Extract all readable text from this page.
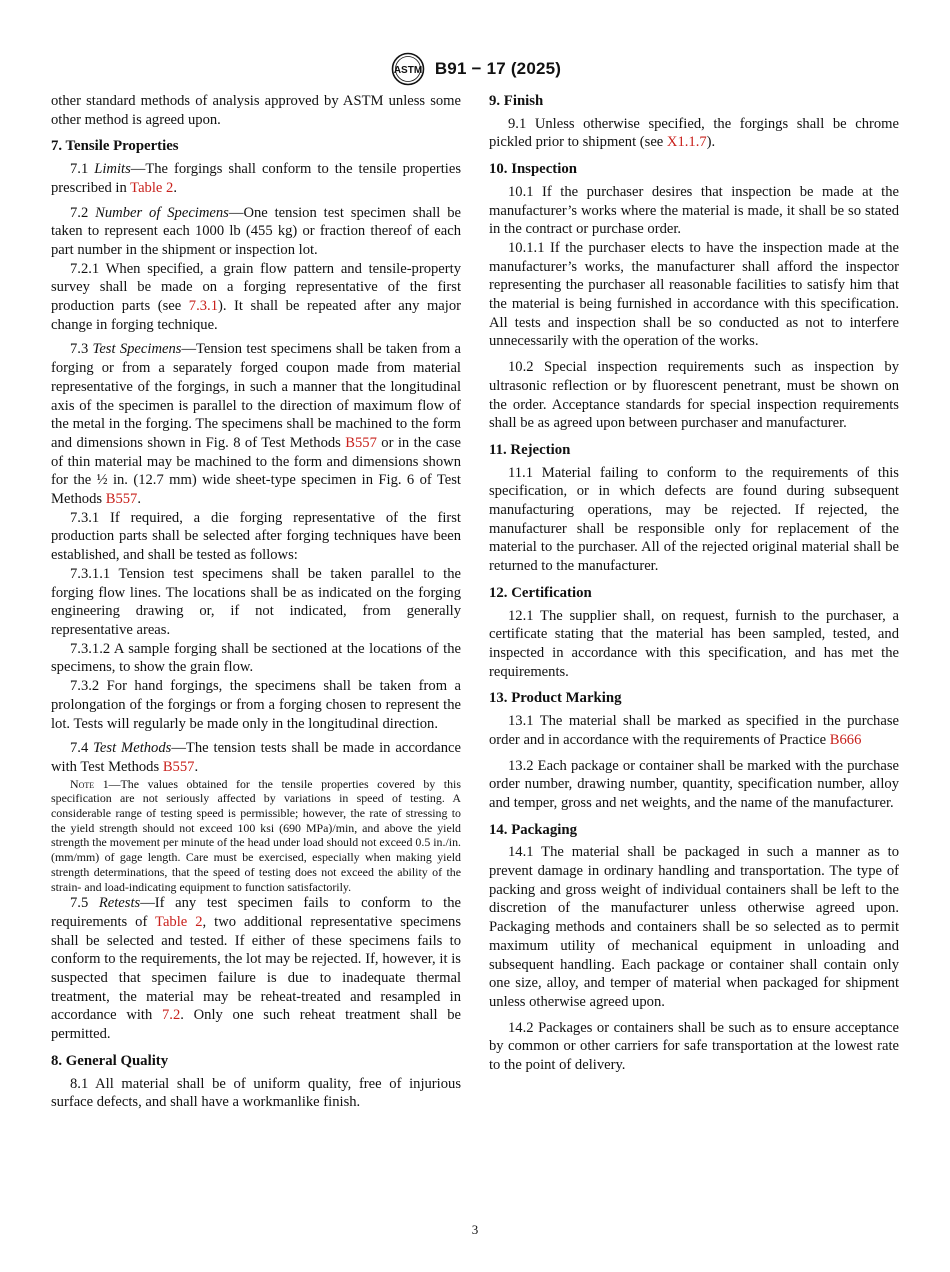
ASTM B91 − 17 (2025)

other standard methods of analysis approved by ASTM unless some other method is agreed upon.

7. Tensile Properties

7.1 Limits—The forgings shall conform to the tensile properties prescribed in Table 2.

7.2 Number of Specimens—One tension test specimen shall be taken to represent each 1000 lb (455 kg) or fraction thereof of each part number in the shipment or inspection lot.

7.2.1 When specified, a grain flow pattern and tensile-property survey shall be made on a forging representative of the first production parts (see 7.3.1). It shall be repeated after any major change in forging technique.

7.3 Test Specimens—Tension test specimens shall be taken from a forging or from a separately forged coupon made from material representative of the forgings, in such a manner that the longitudinal axis of the specimen is parallel to the direction of maximum flow of the metal in the forging. The specimens shall be machined to the form and dimensions shown in Fig. 8 of Test Methods B557 or in the case of thin material may be machined to the form and dimensions shown for the ½ in. (12.7 mm) wide sheet-type specimen in Fig. 6 of Test Methods B557.

7.3.1 If required, a die forging representative of the first production parts shall be selected after forging techniques have been established, and shall be tested as follows:

7.3.1.1 Tension test specimens shall be taken parallel to the forging flow lines. The locations shall be as indicated on the forging engineering drawing or, if not indicated, from generally representative areas.

7.3.1.2 A sample forging shall be sectioned at the locations of the specimens, to show the grain flow.

7.3.2 For hand forgings, the specimens shall be taken from a prolongation of the forgings or from a forging chosen to represent the lot. Tests will regularly be made only in the longitudinal direction.

7.4 Test Methods—The tension tests shall be made in accordance with Test Methods B557.

Note 1—The values obtained for the tensile properties covered by this specification are not seriously affected by variations in speed of testing. A considerable range of testing speed is permissible; however, the rate of stressing to the yield strength should not exceed 100 ksi (690 MPa)/min, and above the yield strength the movement per minute of the head under load should not exceed 0.5 in./in. (mm/mm) of gage length. Care must be exercised, especially when making yield strength determinations, that the speed of testing does not exceed the ability of the strain- and load-indicating equipment to function satisfactorily.

7.5 Retests—If any test specimen fails to conform to the requirements of Table 2, two additional representative specimens shall be selected and tested. If either of these specimens fails to conform to the requirements, the lot may be rejected. If, however, it is suspected that specimen failure is due to inadequate thermal treatment, the material may be reheat-treated and resampled in accordance with 7.2. Only one such reheat treatment shall be permitted.

8. General Quality

8.1 All material shall be of uniform quality, free of injurious surface defects, and shall have a workmanlike finish.

9. Finish

9.1 Unless otherwise specified, the forgings shall be chrome pickled prior to shipment (see X1.1.7).

10. Inspection

10.1 If the purchaser desires that inspection be made at the manufacturer’s works where the material is made, it shall be so stated in the contract or purchase order.

10.1.1 If the purchaser elects to have the inspection made at the manufacturer’s works, the manufacturer shall afford the inspector representing the purchaser all reasonable facilities to satisfy him that the material is being furnished in accordance with this specification. All tests and inspection shall be so conducted as not to interfere unnecessarily with the operation of the works.

10.2 Special inspection requirements such as inspection by ultrasonic reflection or by fluorescent penetrant, must be shown on the order. Acceptance standards for special inspection requirements shall be as agreed upon between purchaser and manufacturer.

11. Rejection

11.1 Material failing to conform to the requirements of this specification, or in which defects are found during subsequent manufacturing operations, may be rejected. If rejected, the manufacturer shall be responsible only for replacement of the material to the purchaser. All of the rejected original material shall be returned to the manufacturer.

12. Certification

12.1 The supplier shall, on request, furnish to the purchaser, a certificate stating that the material has been sampled, tested, and inspected in accordance with this specification, and has met the requirements.

13. Product Marking

13.1 The material shall be marked as specified in the purchase order and in accordance with the requirements of Practice B666

13.2 Each package or container shall be marked with the purchase order number, drawing number, quantity, specification number, alloy and temper, gross and net weights, and the name of the manufacturer.

14. Packaging

14.1 The material shall be packaged in such a manner as to prevent damage in ordinary handling and transportation. The type of packing and gross weight of individual containers shall be left to the discretion of the manufacturer unless otherwise agreed upon. Packaging methods and containers shall be so selected as to permit maximum utility of mechanical equipment in unloading and subsequent handling. Each package or container shall contain only one size, alloy, and temper of material when packaged for shipment unless otherwise agreed upon.

14.2 Packages or containers shall be such as to ensure acceptance by common or other carriers for safe transportation at the lowest rate to the point of delivery.

3
